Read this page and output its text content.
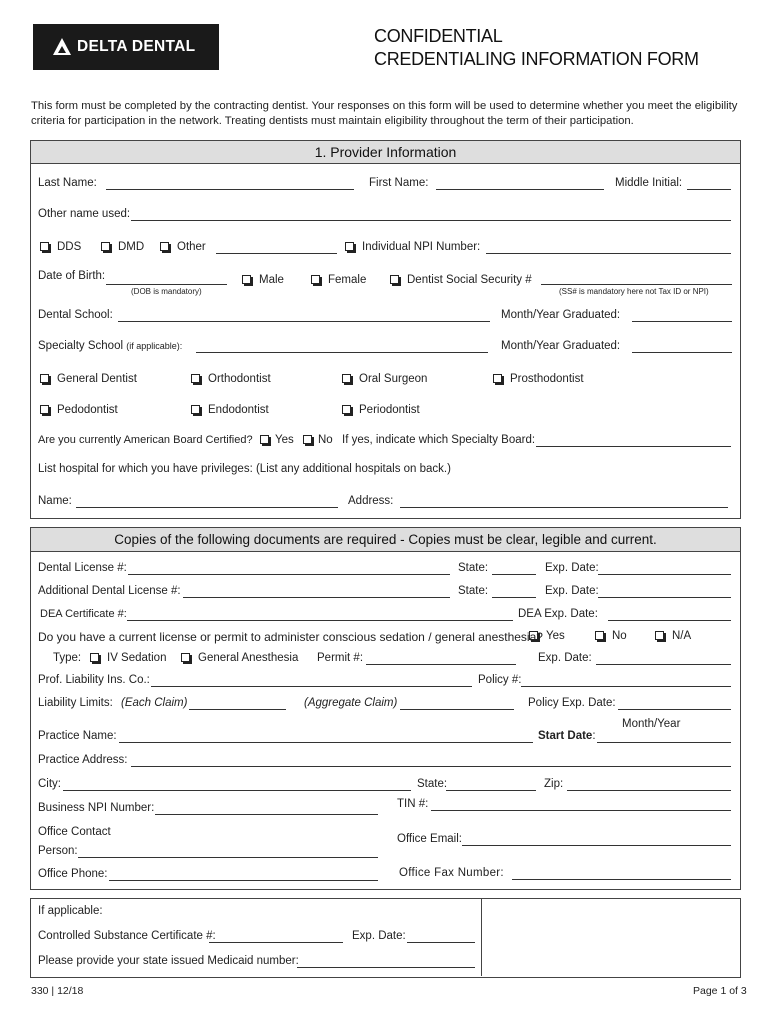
DELTA DENTAL
CONFIDENTIAL
CREDENTIALING INFORMATION FORM
This form must be completed by the contracting dentist. Your responses on this form will be used to determine whether you meet the eligibility criteria for participation in the network. Treating dentists must maintain eligibility throughout the term of their participation.
1. Provider Information
Last Name:	First Name:	Middle Initial:
Other name used:
DDS	DMD	Other	Individual NPI Number:
Date of Birth:
(DOB is mandatory)
Male	Female	Dentist Social Security #
(SS# is mandatory here not Tax ID or NPI)
Dental School:	Month/Year Graduated:
Specialty School (if applicable):	Month/Year Graduated:
General Dentist	Orthodontist	Oral Surgeon	Prosthodontist
Pedodontist	Endodontist	Periodontist
Are you currently American Board Certified?	Yes	No If yes, indicate which Specialty Board:
List hospital for which you have privileges: (List any additional hospitals on back.)
Name:	Address:
Copies of the following documents are required - Copies must be clear, legible and current.
Dental License #:	State:	Exp. Date:
Additional Dental License #:	State:	Exp. Date:
DEA Certificate #:	DEA Exp. Date:
Do you have a current license or permit to administer conscious sedation / general anesthesia? Yes	No	N/A
Type:	IV Sedation	General Anesthesia Permit #:	Exp. Date:
Prof. Liability Ins. Co.:	Policy #:
Liability Limits: (Each Claim)	(Aggregate Claim)	Policy Exp. Date:
Month/Year
Practice Name:	Start Date:
Practice Address:
City:	State:	Zip:
Business NPI Number:	TIN #:
Office Contact
Person:
Office Email:
Office Phone:	Office Fax Number:
If applicable:
Controlled Substance Certificate #:	Exp. Date:
Please provide your state issued Medicaid number:
330 | 12/18	Page 1 of 3
